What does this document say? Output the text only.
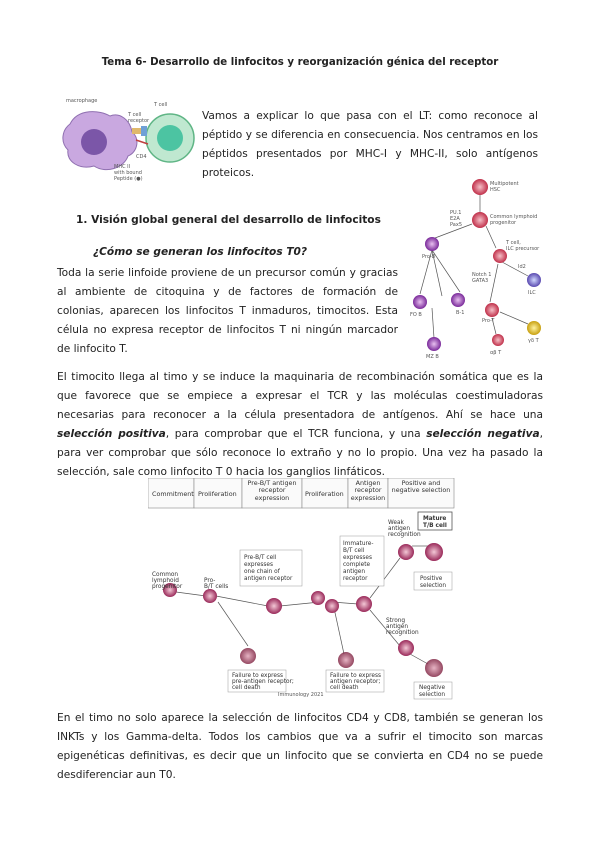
Tema 6- Desarrollo de linfocitos y reorganización génica del receptor
macrophage
T cell
T cell
receptor
CD4
MHC II
with bound
Peptide (●)
Vamos a explicar lo que pasa con el LT: como reconoce al péptido y se diferencia en consecuencia. Nos centramos en los péptidos presentados por MHC-I y MHC-II, solo antígenos proteicos.
Multipotent
HSC
Common lymphoid
progenitor
PU.1
E2A
Pax5
Pro-B
T cell,
ILC precursor
Notch 1
GATA3
Id2
ILC
FO B	B-1
MZ B
Pro-T
αβ T
γδ T
1. Visión global general del desarrollo de linfocitos
¿Cómo se generan los linfocitos T0?
Toda la serie linfoide proviene de un precursor común y gracias al ambiente de citoquina y de factores de formación de colonias, aparecen los linfocitos T inmaduros, timocitos. Esta célula no expresa receptor de linfocitos T ni ningún marcador de linfocito T.
El timocito llega al timo y se induce la maquinaria de recombinación somática que es la que favorece que se empiece a expresar el TCR y las moléculas coestimuladoras necesarias para reconocer a la célula presentadora de antígenos. Ahí se hace una selección positiva, para comprobar que el TCR funciona, y una selección negativa, para ver comprobar que sólo reconoce lo extraño y no lo propio. Una vez ha pasado la selección, sale como linfocito T 0 hacia los ganglios linfáticos.
Commitment Proliferation
Pre-B/T antigen receptor expression	Proliferation
Antigen receptor expression
Positive and negative selection
Common
lymphoid
progenitor
Pro-
B/T cells
Pre-B/T cell
expresses
one chain of
antigen receptor
Immature-
B/T cell
expresses
complete
antigen
receptor
Weak
antigen
recognition
Strong
antigen
recognition
Mature
T/B cell
Positive
selection
Negative
selection
Failure to express
pre-antigen receptor;
cell death
Failure to express
antigen receptor;
cell death
Immunology 2021
En el timo no solo aparece la selección de linfocitos CD4 y CD8, también se generan los INKTs y los Gamma-delta. Todos los cambios que va a sufrir el timocito son marcas epigenéticas definitivas, es decir que un linfocito que se convierta en CD4 no se puede desdiferenciar aun T0.
